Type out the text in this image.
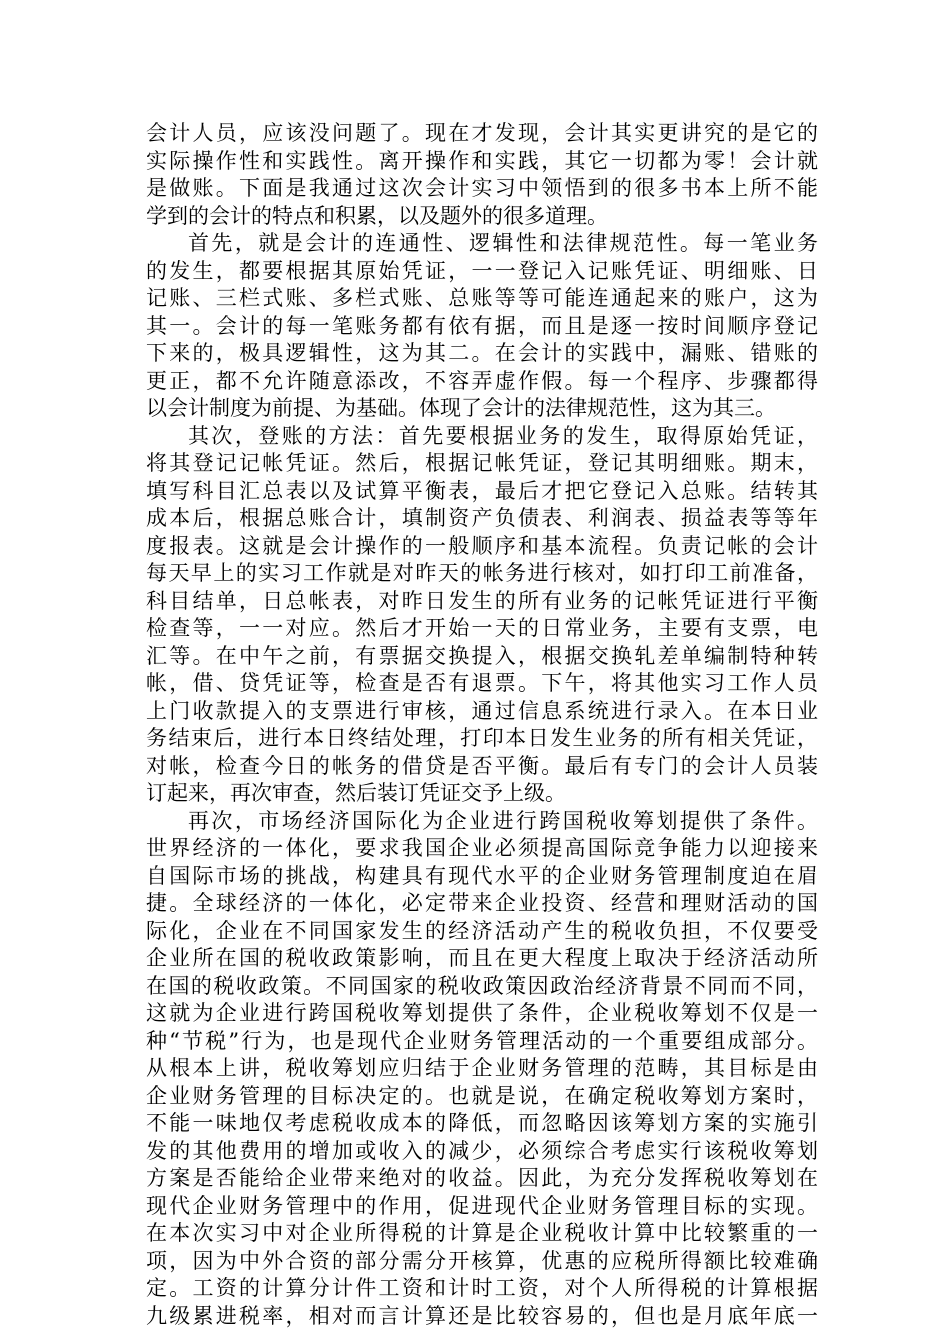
会计人员，应该没问题了。现在才发现，会计其实更讲究的是它的
实际操作性和实践性。离开操作和实践，其它一切都为零！会计就
是做账。下面是我通过这次会计实习中领悟到的很多书本上所不能
学到的会计的特点和积累，以及题外的很多道理。
首先，就是会计的连通性、逻辑性和法律规范性。每一笔业务
的发生，都要根据其原始凭证，一一登记入记账凭证、明细账、日
记账、三栏式账、多栏式账、总账等等可能连通起来的账户，这为
其一。会计的每一笔账务都有依有据，而且是逐一按时间顺序登记
下来的，极具逻辑性，这为其二。在会计的实践中，漏账、错账的
更正，都不允许随意添改，不容弄虚作假。每一个程序、步骤都得
以会计制度为前提、为基础。体现了会计的法律规范性，这为其三。
其次，登账的方法：首先要根据业务的发生，取得原始凭证，
将其登记记帐凭证。然后，根据记帐凭证，登记其明细账。期末，
填写科目汇总表以及试算平衡表，最后才把它登记入总账。结转其
成本后，根据总账合计，填制资产负债表、利润表、损益表等等年
度报表。这就是会计操作的一般顺序和基本流程。负责记帐的会计
每天早上的实习工作就是对昨天的帐务进行核对，如打印工前准备，
科目结单，日总帐表，对昨日发生的所有业务的记帐凭证进行平衡
检查等，一一对应。然后才开始一天的日常业务，主要有支票，电
汇等。在中午之前，有票据交换提入，根据交换轧差单编制特种转
帐，借、贷凭证等，检查是否有退票。下午，将其他实习工作人员
上门收款提入的支票进行审核，通过信息系统进行录入。在本日业
务结束后，进行本日终结处理，打印本日发生业务的所有相关凭证，
对帐，检查今日的帐务的借贷是否平衡。最后有专门的会计人员装
订起来，再次审查，然后装订凭证交予上级。
再次，市场经济国际化为企业进行跨国税收筹划提供了条件。
世界经济的一体化，要求我国企业必须提高国际竞争能力以迎接来
自国际市场的挑战，构建具有现代水平的企业财务管理制度迫在眉
捷。全球经济的一体化，必定带来企业投资、经营和理财活动的国
际化，企业在不同国家发生的经济活动产生的税收负担，不仅要受
企业所在国的税收政策影响，而且在更大程度上取决于经济活动所
在国的税收政策。不同国家的税收政策因政治经济背景不同而不同，
这就为企业进行跨国税收筹划提供了条件，企业税收筹划不仅是一
种“节税”行为，也是现代企业财务管理活动的一个重要组成部分。
从根本上讲，税收筹划应归结于企业财务管理的范畴，其目标是由
企业财务管理的目标决定的。也就是说，在确定税收筹划方案时，
不能一味地仅考虑税收成本的降低，而忽略因该筹划方案的实施引
发的其他费用的增加或收入的减少，必须综合考虑实行该税收筹划
方案是否能给企业带来绝对的收益。因此，为充分发挥税收筹划在
现代企业财务管理中的作用，促进现代企业财务管理目标的实现。
在本次实习中对企业所得税的计算是企业税收计算中比较繁重的一
项，因为中外合资的部分需分开核算，优惠的应税所得额比较难确
定。工资的计算分计件工资和计时工资，对个人所得税的计算根据
九级累进税率，相对而言计算还是比较容易的，但也是月底年底一
